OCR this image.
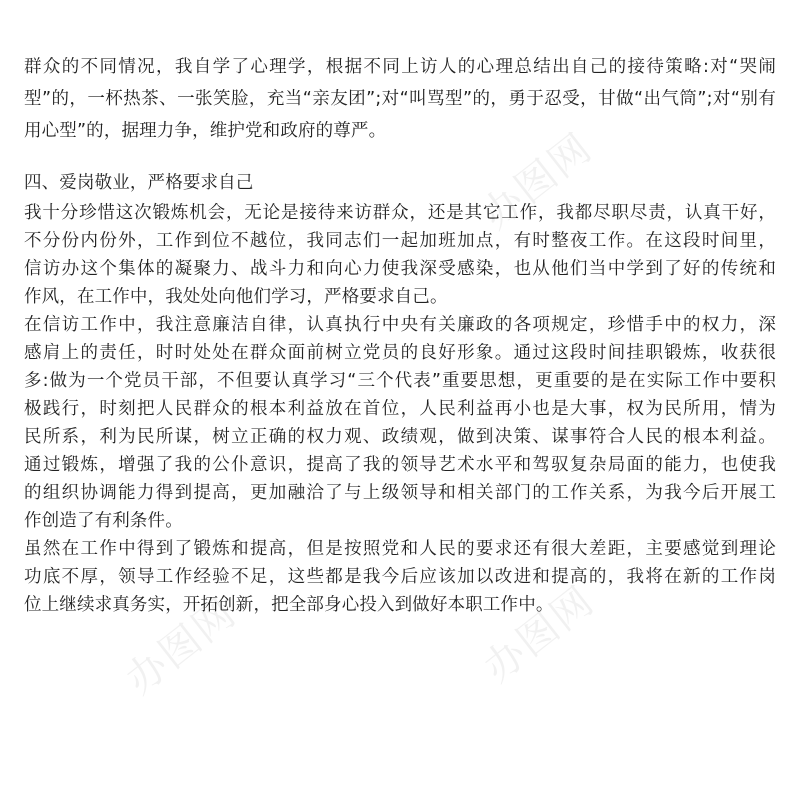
办图网
办图网	办图网
群众的不同情况，我自学了心理学，根据不同上访人的心理总结出自己的接待策略:对“哭闹
型”的，一杯热茶、一张笑脸，充当“亲友团”;对“叫骂型”的，勇于忍受，甘做“出气筒”;对“别有
用心型”的，据理力争，维护党和政府的尊严。
四、爱岗敬业，严格要求自己
我十分珍惜这次锻炼机会，无论是接待来访群众，还是其它工作，我都尽职尽责，认真干好，
不分份内份外，工作到位不越位，我同志们一起加班加点，有时整夜工作。在这段时间里，
信访办这个集体的凝聚力、战斗力和向心力使我深受感染，也从他们当中学到了好的传统和
作风，在工作中，我处处向他们学习，严格要求自己。
在信访工作中，我注意廉洁自律，认真执行中央有关廉政的各项规定，珍惜手中的权力，深
感肩上的责任，时时处处在群众面前树立党员的良好形象。通过这段时间挂职锻炼，收获很
多:做为一个党员干部，不但要认真学习“三个代表”重要思想，更重要的是在实际工作中要积
极践行，时刻把人民群众的根本利益放在首位，人民利益再小也是大事，权为民所用，情为
民所系，利为民所谋，树立正确的权力观、政绩观，做到决策、谋事符合人民的根本利益。
通过锻炼，增强了我的公仆意识，提高了我的领导艺术水平和驾驭复杂局面的能力，也使我
的组织协调能力得到提高，更加融洽了与上级领导和相关部门的工作关系，为我今后开展工
作创造了有利条件。
虽然在工作中得到了锻炼和提高，但是按照党和人民的要求还有很大差距，主要感觉到理论
功底不厚，领导工作经验不足，这些都是我今后应该加以改进和提高的，我将在新的工作岗
位上继续求真务实，开拓创新，把全部身心投入到做好本职工作中。
